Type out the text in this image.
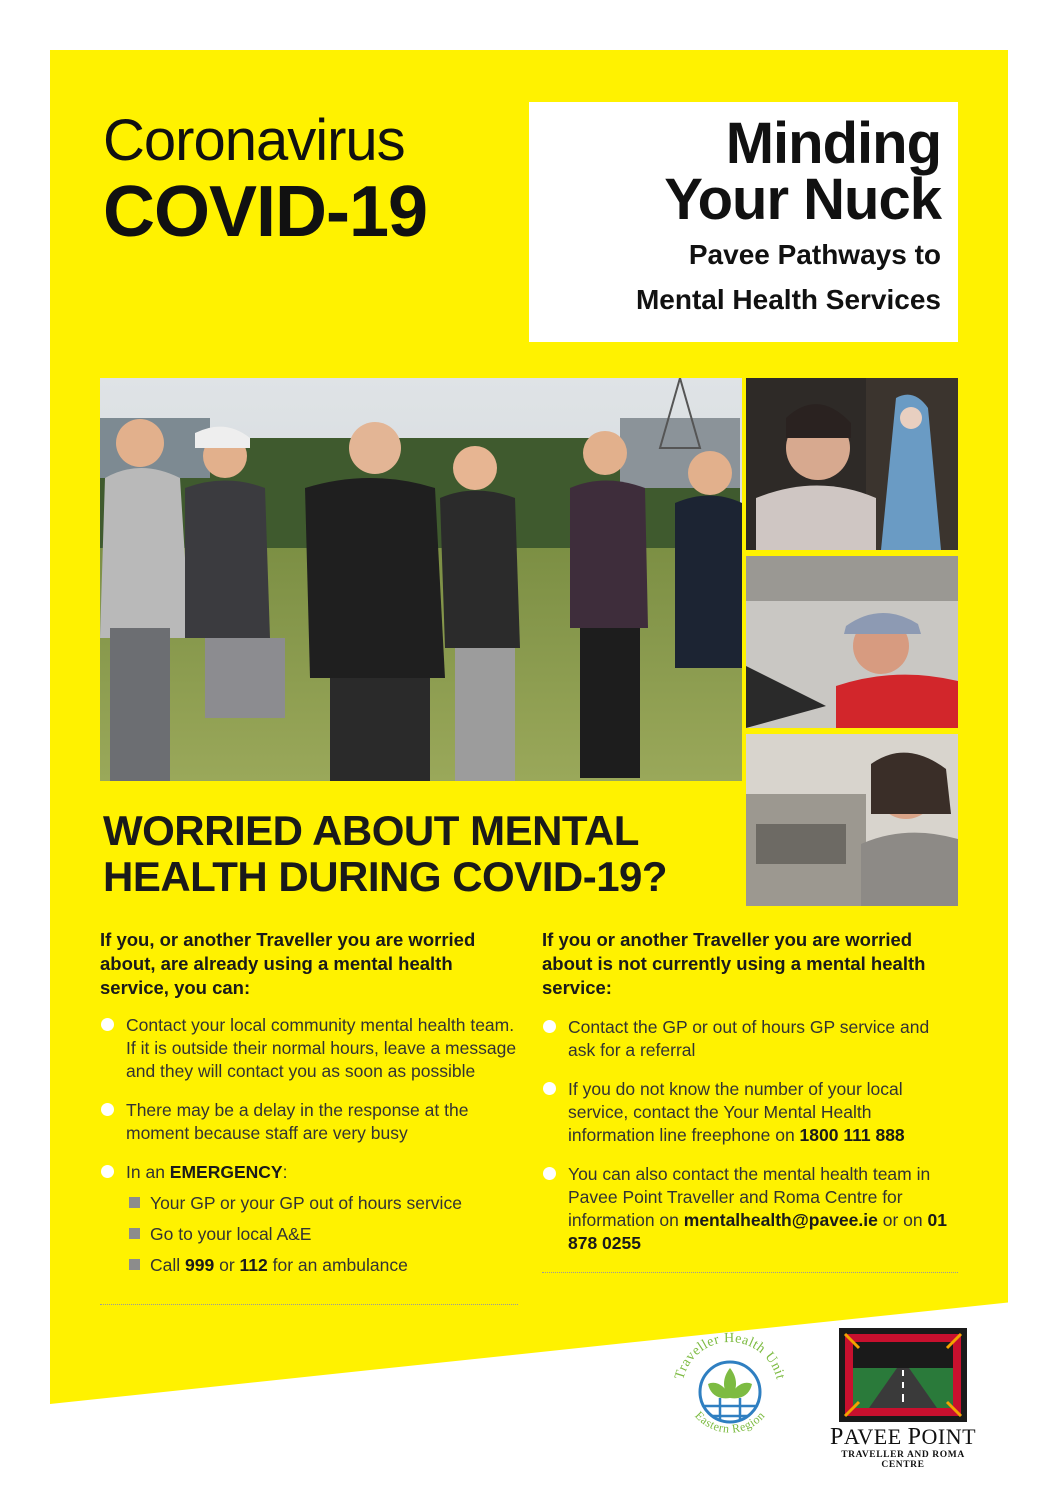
Coronavirus
COVID-19
Minding
Your Nuck
Pavee Pathways to
Mental Health Services
WORRIED ABOUT MENTAL
HEALTH DURING COVID-19?
If you, or another Traveller you are worried about, are already using a mental health service, you can:
Contact your local community mental health team. If it is outside their normal hours, leave a message and they will contact you as soon as possible
There may be a delay in the response at the moment because staff are very busy
In an EMERGENCY:
Your GP or your GP out of hours service
Go to your local A&E
Call 999 or 112 for an ambulance
If you or another Traveller you are worried about is not currently using a mental health service:
Contact the GP or out of hours GP service and ask for a referral
If you do not know the number of your local service, contact the Your Mental Health information line freephone on 1800 111 888
You can also contact the mental health team in Pavee Point Traveller and Roma Centre for information on mentalhealth@pavee.ie or on 01 878 0255
Traveller Health Unit
Eastern Region
PAVEE POINT
TRAVELLER AND ROMA CENTRE
